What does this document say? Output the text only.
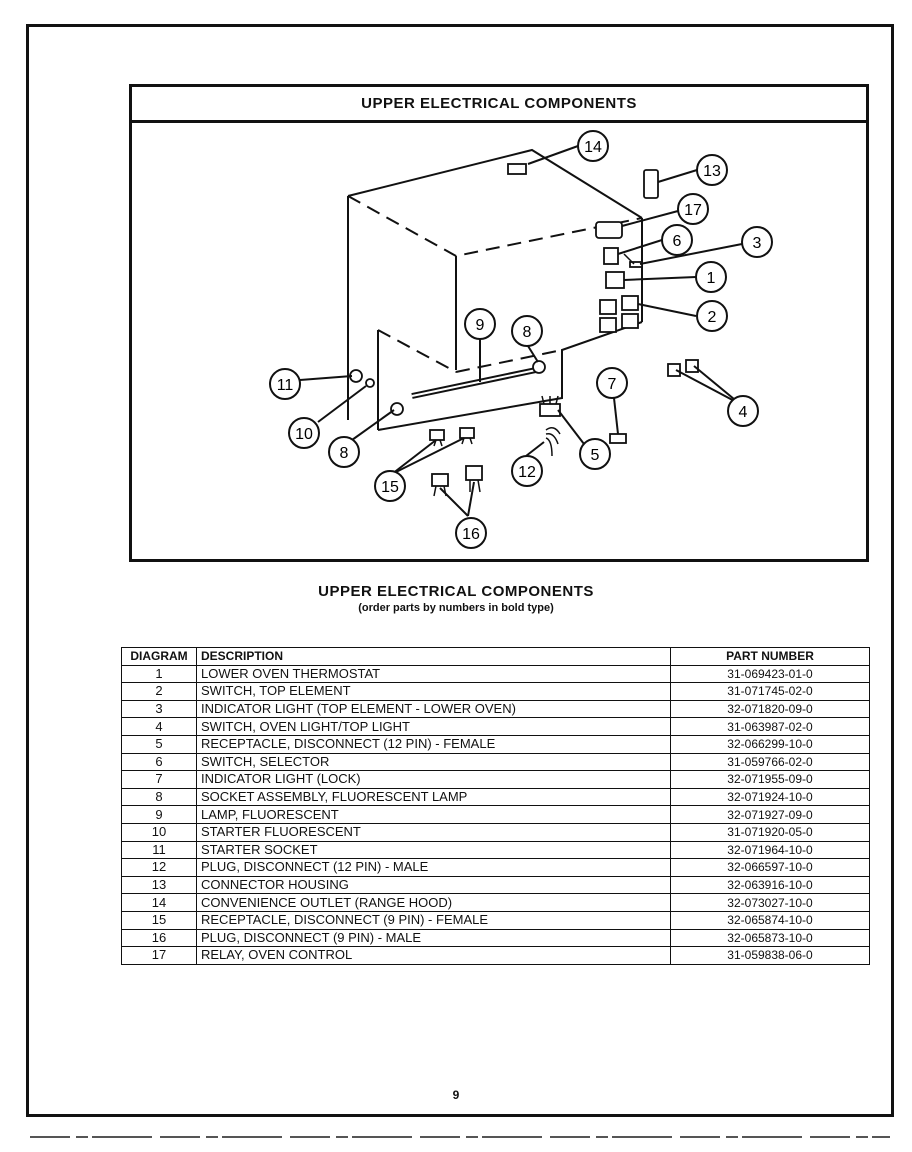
UPPER ELECTRICAL COMPONENTS
14
13
17
6	3
1
2
9 8
11
10
8
7
4
5
12
15
16
UPPER ELECTRICAL COMPONENTS
(order parts by numbers in bold type)
DIAGRAM	DESCRIPTION	PART NUMBER
1	LOWER OVEN THERMOSTAT	31-069423-01-0
2	SWITCH, TOP ELEMENT	31-071745-02-0
3	INDICATOR LIGHT (TOP ELEMENT - LOWER OVEN)	32-071820-09-0
4	SWITCH, OVEN LIGHT/TOP LIGHT	31-063987-02-0
5	RECEPTACLE, DISCONNECT (12 PIN) - FEMALE	32-066299-10-0
6	SWITCH, SELECTOR	31-059766-02-0
7	INDICATOR LIGHT (LOCK)	32-071955-09-0
8	SOCKET ASSEMBLY, FLUORESCENT LAMP	32-071924-10-0
9	LAMP, FLUORESCENT	32-071927-09-0
10	STARTER FLUORESCENT	31-071920-05-0
11	STARTER SOCKET	32-071964-10-0
12	PLUG, DISCONNECT (12 PIN) - MALE	32-066597-10-0
13	CONNECTOR HOUSING	32-063916-10-0
14	CONVENIENCE OUTLET (RANGE HOOD)	32-073027-10-0
15	RECEPTACLE, DISCONNECT (9 PIN) - FEMALE	32-065874-10-0
16	PLUG, DISCONNECT (9 PIN) - MALE	32-065873-10-0
17	RELAY, OVEN CONTROL	31-059838-06-0
9
